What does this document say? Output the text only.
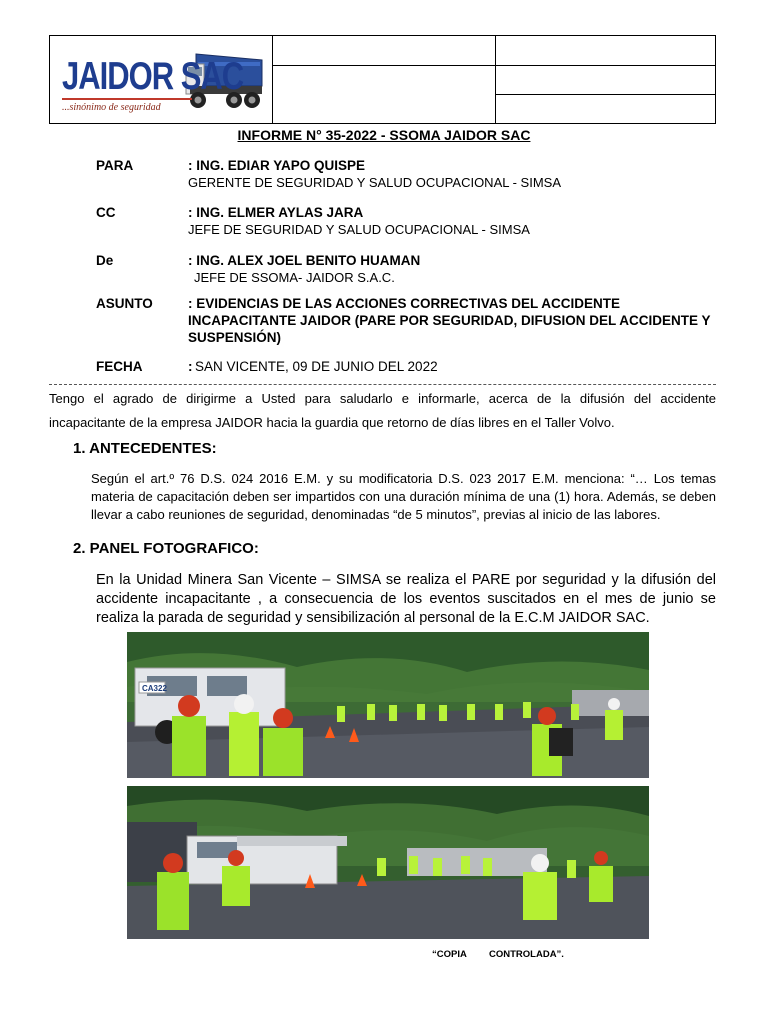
JAIDOR SAC
...sinónimo de seguridad
INFORME N° 35-2022 - SSOMA JAIDOR SAC
PARA	: ING. EDIAR YAPO QUISPE
GERENTE DE SEGURIDAD Y SALUD OCUPACIONAL - SIMSA
CC	: ING. ELMER AYLAS JARA
JEFE DE SEGURIDAD Y SALUD OCUPACIONAL - SIMSA
De	: ING. ALEX JOEL BENITO HUAMAN
JEFE DE SSOMA- JAIDOR S.A.C.
ASUNTO	: EVIDENCIAS DE LAS ACCIONES CORRECTIVAS DEL ACCIDENTE
INCAPACITANTE JAIDOR (PARE POR SEGURIDAD, DIFUSION DEL ACCIDENTE Y
SUSPENSIÓN)
FECHA	: SAN VICENTE, 09 DE JUNIO DEL 2022
Tengo el agrado de dirigirme a Usted para saludarlo e informarle, acerca de la difusión del accidente
incapacitante de la empresa JAIDOR hacia la guardia que retorno de días libres en el Taller Volvo.
1. ANTECEDENTES:
Según el art.º 76 D.S. 024 2016 E.M. y su modificatoria D.S. 023 2017 E.M. menciona: “… Los temas materia de capacitación deben ser impartidos con una duración mínima de una (1) hora. Además, se deben llevar a cabo reuniones de seguridad, denominadas “de 5 minutos”, previas al inicio de las labores.
2. PANEL FOTOGRAFICO:
En la Unidad Minera San Vicente – SIMSA se realiza el PARE por seguridad y la difusión del accidente incapacitante , a consecuencia de los eventos suscitados en el mes de junio se realiza la parada de seguridad y sensibilización al personal de la E.C.M JAIDOR SAC.
CA322
“COPIA CONTROLADA”.
